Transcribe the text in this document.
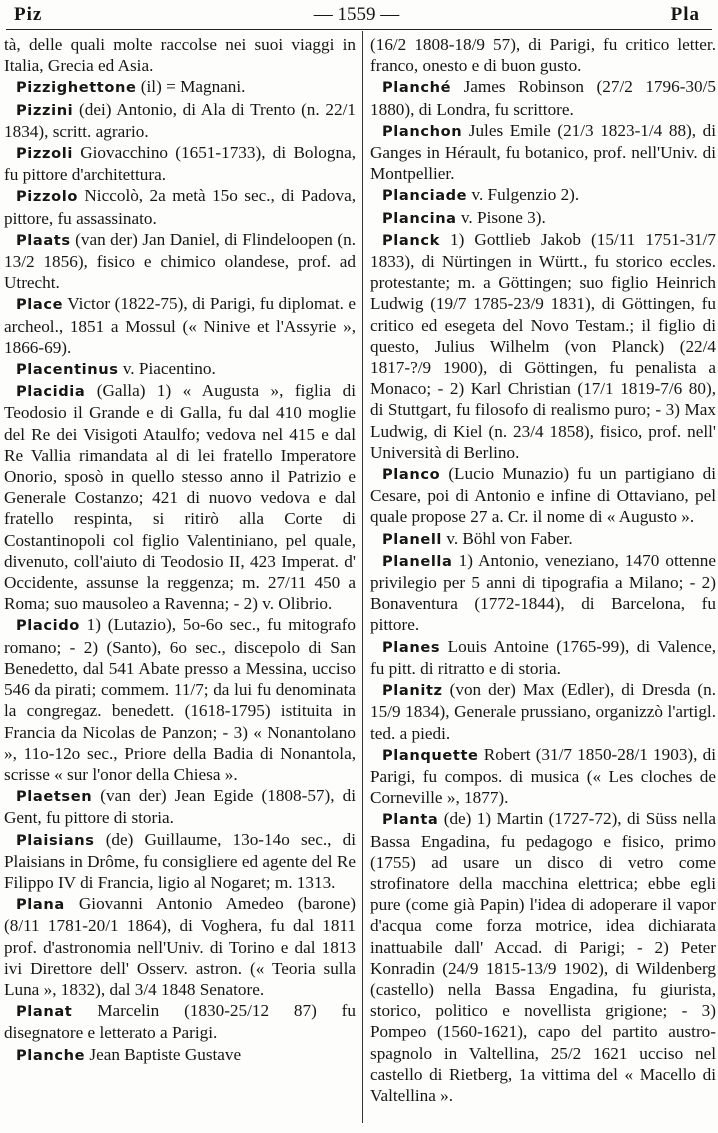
Piz	— 1559 —	Pla

tà, delle quali molte raccolse nei suoi viaggi in Italia, Grecia ed Asia.

Pizzighettone (il) = Magnani.

Pizzini (dei) Antonio, di Ala di Trento (n. 22/1 1834), scritt. agrario.

Pizzoli Giovacchino (1651-1733), di Bologna, fu pittore d'architettura.

Pizzolo Niccolò, 2a metà 15o sec., di Padova, pittore, fu assassinato.

Plaats (van der) Jan Daniel, di Flindeloopen (n. 13/2 1856), fisico e chimico olandese, prof. ad Utrecht.

Place Victor (1822-75), di Parigi, fu diplomat. e archeol., 1851 a Mossul (« Ninive et l'Assyrie », 1866-69).

Placentinus v. Piacentino.

Placidia (Galla) 1) « Augusta », figlia di Teodosio il Grande e di Galla, fu dal 410 moglie del Re dei Visigoti Ataulfo; vedova nel 415 e dal Re Vallia rimandata al di lei fratello Imperatore Onorio, sposò in quello stesso anno il Patrizio e Generale Costanzo; 421 di nuovo vedova e dal fratello respinta, si ritirò alla Corte di Costantinopoli col figlio Valentiniano, pel quale, divenuto, coll'aiuto di Teodosio II, 423 Imperat. d' Occidente, assunse la reggenza; m. 27/11 450 a Roma; suo mausoleo a Ravenna; - 2) v. Olibrio.

Placido 1) (Lutazio), 5o-6o sec., fu mitografo romano; - 2) (Santo), 6o sec., discepolo di San Benedetto, dal 541 Abate presso a Messina, ucciso 546 da pirati; commem. 11/7; da lui fu denominata la congregaz. benedett. (1618-1795) istituita in Francia da Nicolas de Panzon; - 3) « Nonantolano », 11o-12o sec., Priore della Badia di Nonantola, scrisse « sur l'onor della Chiesa ».

Plaetsen (van der) Jean Egide (1808-57), di Gent, fu pittore di storia.

Plaisians (de) Guillaume, 13o-14o sec., di Plaisians in Drôme, fu consigliere ed agente del Re Filippo IV di Francia, ligio al Nogaret; m. 1313.

Plana Giovanni Antonio Amedeo (barone) (8/11 1781-20/1 1864), di Voghera, fu dal 1811 prof. d'astronomia nell'Univ. di Torino e dal 1813 ivi Direttore dell' Osserv. astron. (« Teoria sulla Luna », 1832), dal 3/4 1848 Senatore.

Planat Marcelin (1830-25/12 87) fu disegnatore e letterato a Parigi.

Planche Jean Baptiste Gustave

(16/2 1808-18/9 57), di Parigi, fu critico letter. franco, onesto e di buon gusto.

Planché James Robinson (27/2 1796-30/5 1880), di Londra, fu scrittore.

Planchon Jules Emile (21/3 1823-1/4 88), di Ganges in Hérault, fu botanico, prof. nell'Univ. di Montpellier.

Planciade v. Fulgenzio 2).

Plancina v. Pisone 3).

Planck 1) Gottlieb Jakob (15/11 1751-31/7 1833), di Nürtingen in Württ., fu storico eccles. protestante; m. a Göttingen; suo figlio Heinrich Ludwig (19/7 1785-23/9 1831), di Göttingen, fu critico ed esegeta del Novo Testam.; il figlio di questo, Julius Wilhelm (von Planck) (22/4 1817-?/9 1900), di Göttingen, fu penalista a Monaco; - 2) Karl Christian (17/1 1819-7/6 80), di Stuttgart, fu filosofo di realismo puro; - 3) Max Ludwig, di Kiel (n. 23/4 1858), fisico, prof. nell' Università di Berlino.

Planco (Lucio Munazio) fu un partigiano di Cesare, poi di Antonio e infine di Ottaviano, pel quale propose 27 a. Cr. il nome di « Augusto ».

Planell v. Böhl von Faber.

Planella 1) Antonio, veneziano, 1470 ottenne privilegio per 5 anni di tipografia a Milano; - 2) Bonaventura (1772-1844), di Barcelona, fu pittore.

Planes Louis Antoine (1765-99), di Valence, fu pitt. di ritratto e di storia.

Planitz (von der) Max (Edler), di Dresda (n. 15/9 1834), Generale prussiano, organizzò l'artigl. ted. a piedi.

Planquette Robert (31/7 1850-28/1 1903), di Parigi, fu compos. di musica (« Les cloches de Corneville », 1877).

Planta (de) 1) Martin (1727-72), di Süss nella Bassa Engadina, fu pedagogo e fisico, primo (1755) ad usare un disco di vetro come strofinatore della macchina elettrica; ebbe egli pure (come già Papin) l'idea di adoperare il vapor d'acqua come forza motrice, idea dichiarata inattuabile dall' Accad. di Parigi; - 2) Peter Konradin (24/9 1815-13/9 1902), di Wildenberg (castello) nella Bassa Engadina, fu giurista, storico, politico e novellista grigione; - 3) Pompeo (1560-1621), capo del partito austro-spagnolo in Valtellina, 25/2 1621 ucciso nel castello di Rietberg, 1a vittima del « Macello di Valtellina ».
